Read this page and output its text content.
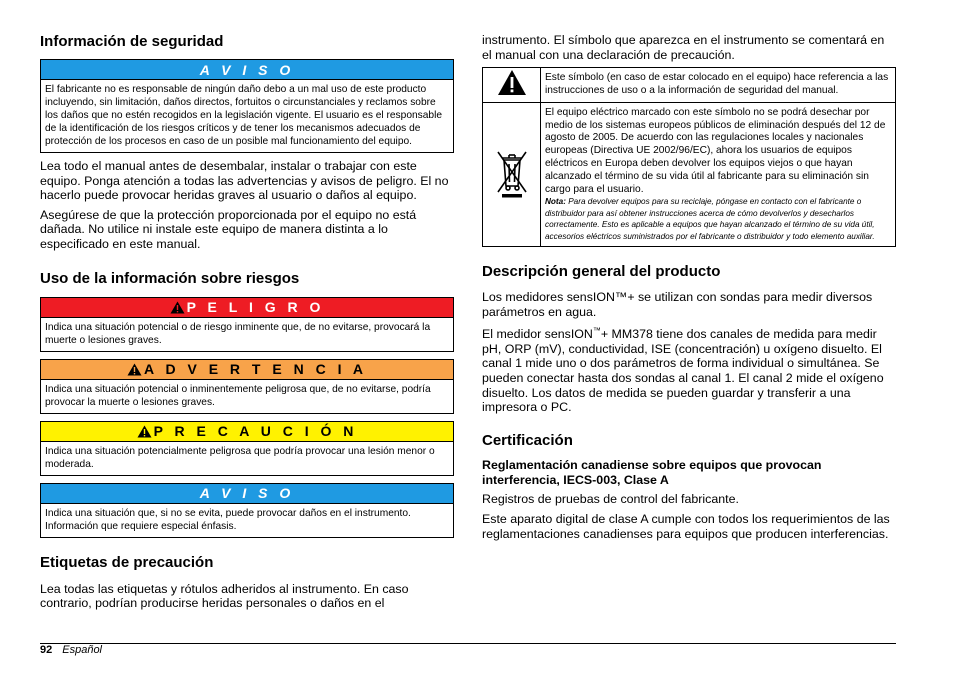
Información de seguridad
A V I S O
El fabricante no es responsable de ningún daño debo a un mal uso de este producto incluyendo, sin limitación, daños directos, fortuitos o circunstanciales y reclamos sobre los daños que no estén recogidos en la legislación vigente. El usuario es el responsable de la identificación de los riesgos críticos y de tener los mecanismos adecuados de protección de los procesos en caso de un posible mal funcionamiento del equipo.

Lea todo el manual antes de desembalar, instalar o trabajar con este equipo. Ponga atención a todas las advertencias y avisos de peligro. El no hacerlo puede provocar heridas graves al usuario o daños al equipo.

Asegúrese de que la protección proporcionada por el equipo no está dañada. No utilice ni instale este equipo de manera distinta a lo especificado en este manual.

Uso de la información sobre riesgos
P E L I G R O
Indica una situación potencial o de riesgo inminente que, de no evitarse, provocará la muerte o lesiones graves.
A D V E R T E N C I A
Indica una situación potencial o inminentemente peligrosa que, de no evitarse, podría provocar la muerte o lesiones graves.
P R E C A U C I Ó N
Indica una situación potencialmente peligrosa que podría provocar una lesión menor o moderada.
A V I S O
Indica una situación que, si no se evita, puede provocar daños en el instrumento. Información que requiere especial énfasis.
Etiquetas de precaución

Lea todas las etiquetas y rótulos adheridos al instrumento. En caso contrario, podrían producirse heridas personales o daños en el

instrumento. El símbolo que aparezca en el instrumento se comentará en el manual con una declaración de precaución.

	Este símbolo (en caso de estar colocado en el equipo) hace referencia a las instrucciones de uso o a la información de seguridad del manual.

El equipo eléctrico marcado con este símbolo no se podrá desechar por medio de los sistemas europeos públicos de eliminación después del 12 de agosto de 2005. De acuerdo con las regulaciones locales y nacionales europeas (Directiva UE 2002/96/EC), ahora los usuarios de equipos eléctricos en Europa deben devolver los equipos viejos o que hayan alcanzado el término de su vida útil al fabricante para su eliminación sin cargo para el usuario.
Nota: Para devolver equipos para su reciclaje, póngase en contacto con el fabricante o distribuidor para así obtener instrucciones acerca de cómo devolverlos y desecharlos correctamente. Esto es aplicable a equipos que hayan alcanzado el término de su vida útil, accesorios eléctricos suministrados por el fabricante o distribuidor y todo elemento auxiliar.
Descripción general del producto

Los medidores sensION™+ se utilizan con sondas para medir diversos parámetros en agua.

El medidor sensION™+ MM378 tiene dos canales de medida para medir pH, ORP (mV), conductividad, ISE (concentración) u oxígeno disuelto. El canal 1 mide uno o dos parámetros de forma individual o simultánea. Se pueden conectar hasta dos sondas al canal 1. El canal 2 mide el oxígeno disuelto. Los datos de medida se pueden guardar y transferir a una impresora o PC.

Certificación
Reglamentación canadiense sobre equipos que provocan interferencia, IECS-003, Clase A

Registros de pruebas de control del fabricante.

Este aparato digital de clase A cumple con todos los requerimientos de las reglamentaciones canadienses para equipos que producen interferencias.

92 Español
